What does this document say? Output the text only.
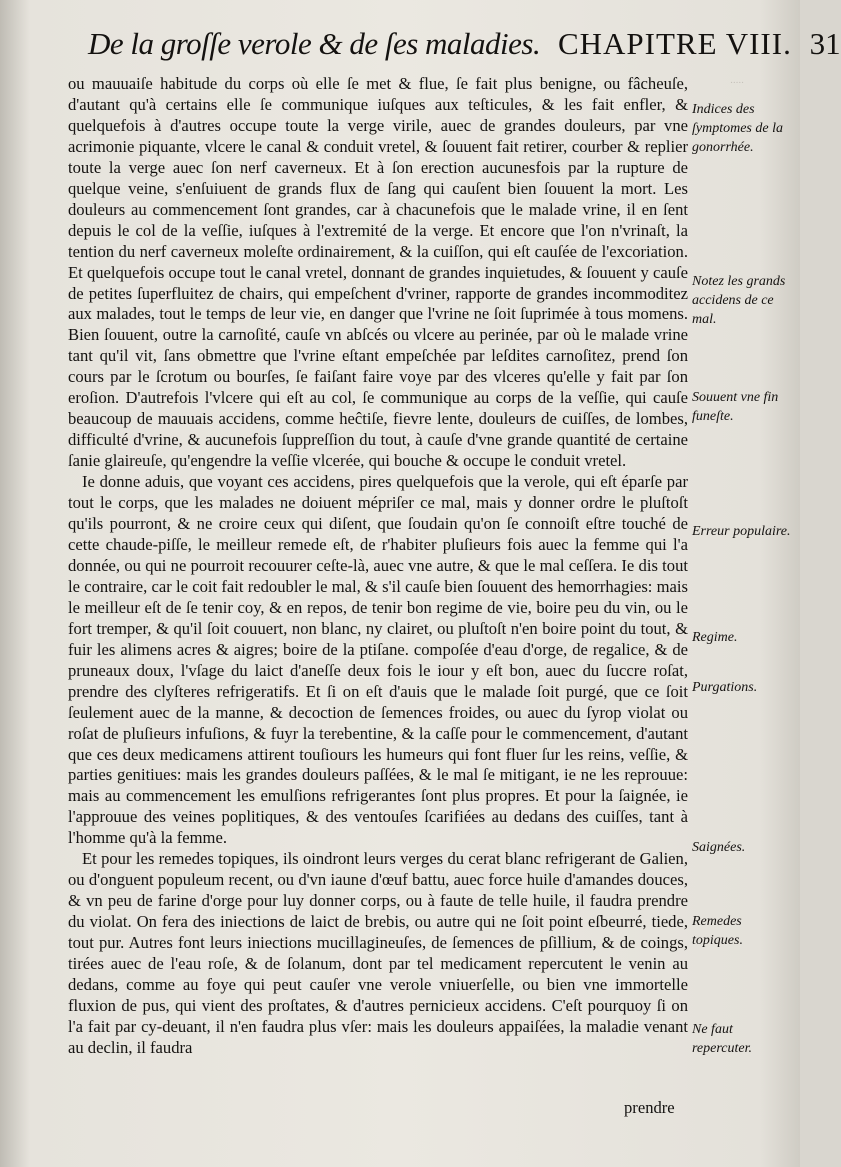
De la groſſe verole & de ſes maladies. CHAPITRE VIII. 31
·····

ou mauuaiſe habitude du corps où elle ſe met & flue, ſe fait plus benigne, ou fâcheuſe, d'autant qu'à certains elle ſe communique iuſques aux teſticules, & les fait enfler, & quelquefois à d'autres occupe toute la verge virile, auec de grandes douleurs, par vne acrimonie piquante, vlcere le canal & conduit vretel, & ſouuent fait retirer, courber & replier toute la verge auec ſon nerf caverneux. Et à ſon erection aucunesfois par la rupture de quelque veine, s'enſuiuent de grands flux de ſang qui cauſent bien ſouuent la mort. Les douleurs au commencement ſont grandes, car à chacunefois que le malade vrine, il en ſent depuis le col de la veſſie, iuſques à l'extremité de la verge. Et encore que l'on n'vrinaſt, la tention du nerf caverneux moleſte ordinairement, & la cuiſſon, qui eſt cauſée de l'excoriation. Et quelquefois occupe tout le canal vretel, donnant de grandes inquietudes, & ſouuent y cauſe de petites ſuperfluitez de chairs, qui empeſchent d'vriner, rapporte de grandes incommoditez aux malades, tout le temps de leur vie, en danger que l'vrine ne ſoit ſuprimée à tous momens. Bien ſouuent, outre la carnoſité, cauſe vn abſcés ou vlcere au perinée, par où le malade vrine tant qu'il vit, ſans obmettre que l'vrine eſtant empeſchée par leſdites carnoſitez, prend ſon cours par le ſcrotum ou bourſes, ſe faiſant faire voye par des vlceres qu'elle y fait par ſon eroſion. D'autrefois l'vlcere qui eſt au col, ſe communique au corps de la veſſie, qui cauſe beaucoup de mauuais accidens, comme heĉtiſe, fievre lente, douleurs de cuiſſes, de lombes, difficulté d'vrine, & aucunefois ſuppreſſion du tout, à cauſe d'vne grande quantité de certaine ſanie glaireuſe, qu'engendre la veſſie vlcerée, qui bouche & occupe le conduit vretel.

Ie donne aduis, que voyant ces accidens, pires quelquefois que la verole, qui eſt éparſe par tout le corps, que les malades ne doiuent mépriſer ce mal, mais y donner ordre le pluſtoſt qu'ils pourront, & ne croire ceux qui diſent, que ſoudain qu'on ſe connoiſt eſtre touché de cette chaude-piſſe, le meilleur remede eſt, de r'habiter pluſieurs fois auec la femme qui l'a donnée, ou qui ne pourroit recouurer ceſte-là, auec vne autre, & que le mal ceſſera. Ie dis tout le contraire, car le coit fait redoubler le mal, & s'il cauſe bien ſouuent des hemorrhagies: mais le meilleur eſt de ſe tenir coy, & en repos, de tenir bon regime de vie, boire peu du vin, ou le fort tremper, & qu'il ſoit couuert, non blanc, ny clairet, ou pluſtoſt n'en boire point du tout, & fuir les alimens acres & aigres; boire de la ptiſane. compoſée d'eau d'orge, de regalice, & de pruneaux doux, l'vſage du laict d'aneſſe deux fois le iour y eſt bon, auec du ſuccre roſat, prendre des clyſteres refrigeratifs. Et ſi on eſt d'auis que le malade ſoit purgé, que ce ſoit ſeulement auec de la manne, & decoction de ſemences froides, ou auec du ſyrop violat ou roſat de pluſieurs infuſions, & fuyr la terebentine, & la caſſe pour le commencement, d'autant que ces deux medicamens attirent touſiours les humeurs qui font fluer ſur les reins, veſſie, & parties genitiues: mais les grandes douleurs paſſées, & le mal ſe mitigant, ie ne les reprouue: mais au commencement les emulſions refrigerantes ſont plus propres. Et pour la ſaignée, ie l'approuue des veines poplitiques, & des ventouſes ſcarifiées au dedans des cuiſſes, tant à l'homme qu'à la femme.

Et pour les remedes topiques, ils oindront leurs verges du cerat blanc refrigerant de Galien, ou d'onguent populeum recent, ou d'vn iaune d'œuf battu, auec force huile d'amandes douces, & vn peu de farine d'orge pour luy donner corps, ou à faute de telle huile, il faudra prendre du violat. On fera des iniections de laict de brebis, ou autre qui ne ſoit point eſbeurré, tiede, tout pur. Autres font leurs iniections mucillagineuſes, de ſemences de pſillium, & de coings, tirées auec de l'eau roſe, & de ſolanum, dont par tel medicament repercutent le venin au dedans, comme au foye qui peut cauſer vne verole vniuerſelle, ou bien vne immortelle fluxion de pus, qui vient des proſtates, & d'autres pernicieux accidens. C'eſt pourquoy ſi on l'a fait par cy-deuant, il n'en faudra plus vſer: mais les douleurs appaiſées, la maladie venant au declin, il faudra

Indices des ſymptomes de la gonorrhée.
Notez les grands accidens de ce mal.
Souuent vne fin funeſte.
Erreur populaire.
Regime.
Purgations.
Saignées.
Remedes topiques.
Ne faut repercuter.
prendre
